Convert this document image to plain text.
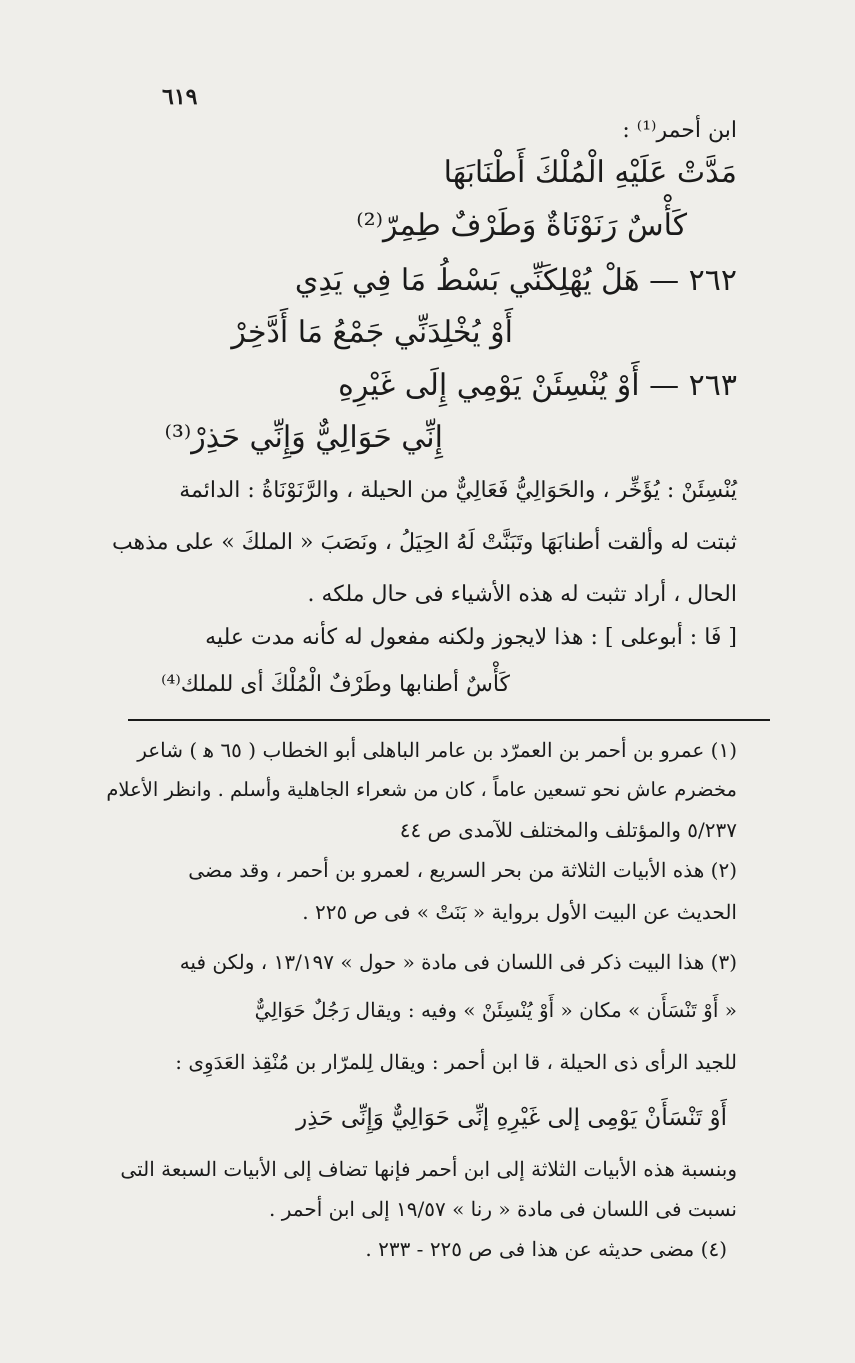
٦١٩
ابن أحمر⁽¹⁾ :
مَدَّتْ عَلَيْهِ الْمُلْكَ أَطْنَابَهَا
كَأْسٌ رَنَوْنَاةٌ وَطَرْفٌ طِمِرّ⁽²⁾
٢٦٢ — هَلْ يُهْلِكَنِّي بَسْطُ مَا فِي يَدِي
أَوْ يُخْلِدَنِّي جَمْعُ مَا أَدَّخِرْ
٢٦٣ — أَوْ يُنْسِئَنْ يَوْمِي إِلَى غَيْرِهِ
إِنِّي حَوَالِيٌّ وَإِنِّي حَذِرْ⁽³⁾
يُنْسِئَنْ : يُؤَخِّر ، والحَوَالِيُّ فَعَالِيٌّ من الحيلة ، والرَّنَوْنَاةُ : الدائمة
ثبتت له وألقت أطنابَهَا وتَبَنَّتْ لَهُ الحِيَلُ ، ونَصَبَ « الملكَ » على مذهب
الحال ، أراد تثبت له هذه الأشياء فى حال ملكه .
[ فَا : أبوعلى ] : هذا لايجوز ولكنه مفعول له كأنه مدت عليه
كَأْسٌ أطنابها وطَرْفٌ الْمُلْكَ أى للملك⁽⁴⁾
(١) عمرو بن أحمر بن العمرّد بن عامر الباهلى أبو الخطاب ( ٦٥ ﻫ ) شاعر
مخضرم عاش نحو تسعين عاماً ، كان من شعراء الجاهلية وأسلم . وانظر الأعلام
٥/٢٣٧ والمؤتلف والمختلف للآمدى ص ٤٤
(٢) هذه الأبيات الثلاثة من بحر السريع ، لعمرو بن أحمر ، وقد مضى
الحديث عن البيت الأول برواية « بَنَتْ » فى ص ٢٢٥ .
(٣) هذا البيت ذكر فى اللسان فى مادة « حول » ١٣/١٩٧ ، ولكن فيه
« أَوْ تَنْسَأَن » مكان « أَوْ يُنْسِئَنْ » وفيه : ويقال رَجُلٌ حَوَالِيٌّ
للجيد الرأى ذى الحيلة ، قا ابن أحمر : ويقال لِلمرّار بن مُنْقِذ العَدَوِى :
أَوْ تَنْسَأَنْ يَوْمِى إلى غَيْرِهِ إنِّى حَوَالِيٌّ وَإِنِّى حَذِر
وبنسبة هذه الأبيات الثلاثة إلى ابن أحمر فإنها تضاف إلى الأبيات السبعة التى
نسبت فى اللسان فى مادة « رنا » ١٩/٥٧ إلى ابن أحمر .
(٤) مضى حديثه عن هذا فى ص ٢٢٥ - ٢٣٣ .
